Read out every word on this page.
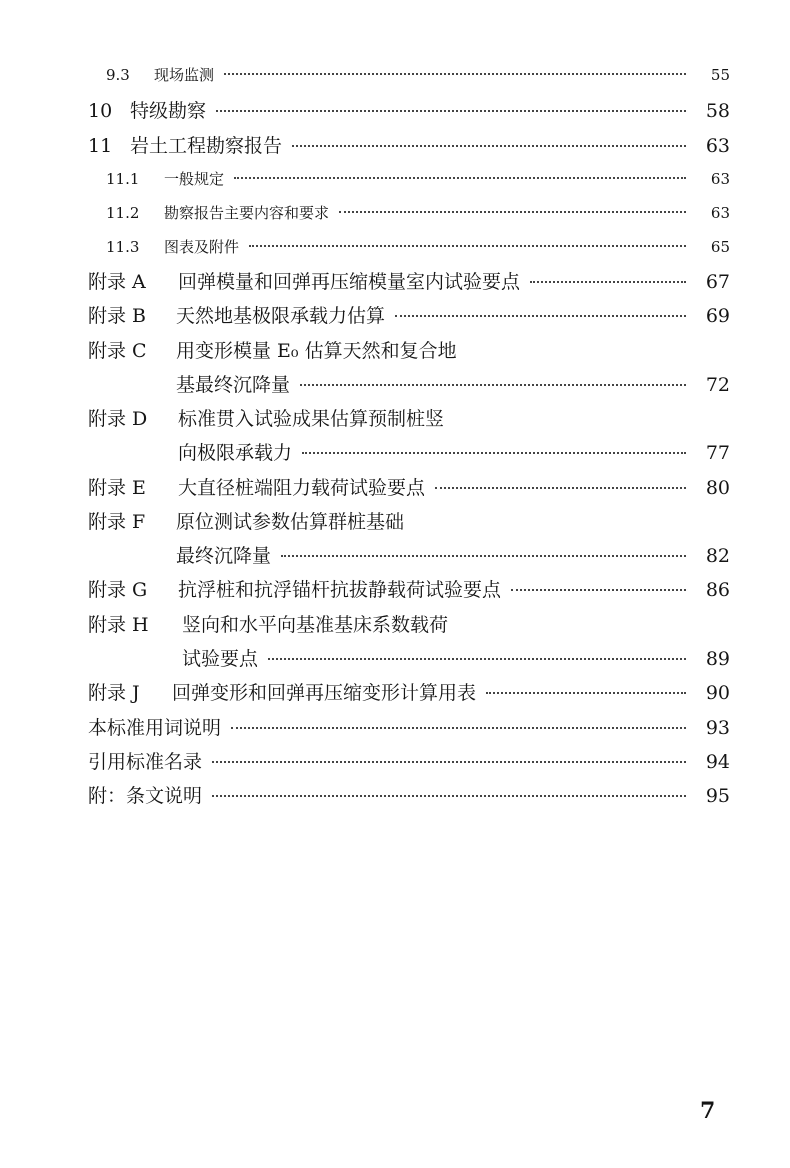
9.3	现场监测	55
10 特级勘察	58
11 岩土工程勘察报告	63
11.1	一般规定	63
11.2	勘察报告主要内容和要求	63
11.3	图表及附件	65
附录 A	回弹模量和回弹再压缩模量室内试验要点	67
附录 B	天然地基极限承载力估算	69
附录 C	用变形模量 E₀ 估算天然和复合地
基最终沉降量	72
附录 D	标准贯入试验成果估算预制桩竖
向极限承载力	77
附录 E	大直径桩端阻力载荷试验要点	80
附录 F	原位测试参数估算群桩基础
最终沉降量	82
附录 G	抗浮桩和抗浮锚杆抗拔静载荷试验要点	86
附录 H	竖向和水平向基准基床系数载荷
试验要点	89
附录 J	回弹变形和回弹再压缩变形计算用表	90
本标准用词说明	93
引用标准名录	94
附：条文说明	95
7
